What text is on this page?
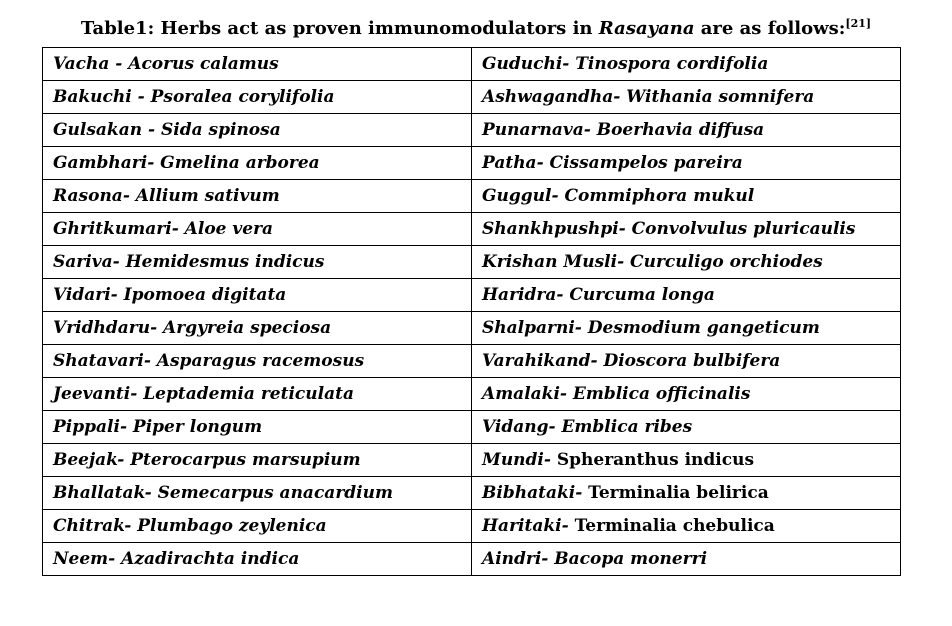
Table1: Herbs act as proven immunomodulators in Rasayana are as follows:[21]
Vacha - Acorus calamus	Guduchi- Tinospora cordifolia
Bakuchi - Psoralea corylifolia	Ashwagandha- Withania somnifera
Gulsakan - Sida spinosa	Punarnava- Boerhavia diffusa
Gambhari- Gmelina arborea	Patha- Cissampelos pareira
Rasona- Allium sativum	Guggul- Commiphora mukul
Ghritkumari- Aloe vera	Shankhpushpi- Convolvulus pluricaulis
Sariva- Hemidesmus indicus	Krishan Musli- Curculigo orchiodes
Vidari- Ipomoea digitata	Haridra- Curcuma longa
Vridhdaru- Argyreia speciosa	Shalparni- Desmodium gangeticum
Shatavari- Asparagus racemosus	Varahikand- Dioscora bulbifera
Jeevanti- Leptademia reticulata	Amalaki- Emblica officinalis
Pippali- Piper longum	Vidang- Emblica ribes
Beejak- Pterocarpus marsupium	Mundi- Spheranthus indicus
Bhallatak- Semecarpus anacardium	Bibhataki- Terminalia belirica
Chitrak- Plumbago zeylenica	Haritaki- Terminalia chebulica
Neem- Azadirachta indica	Aindri- Bacopa monerri
